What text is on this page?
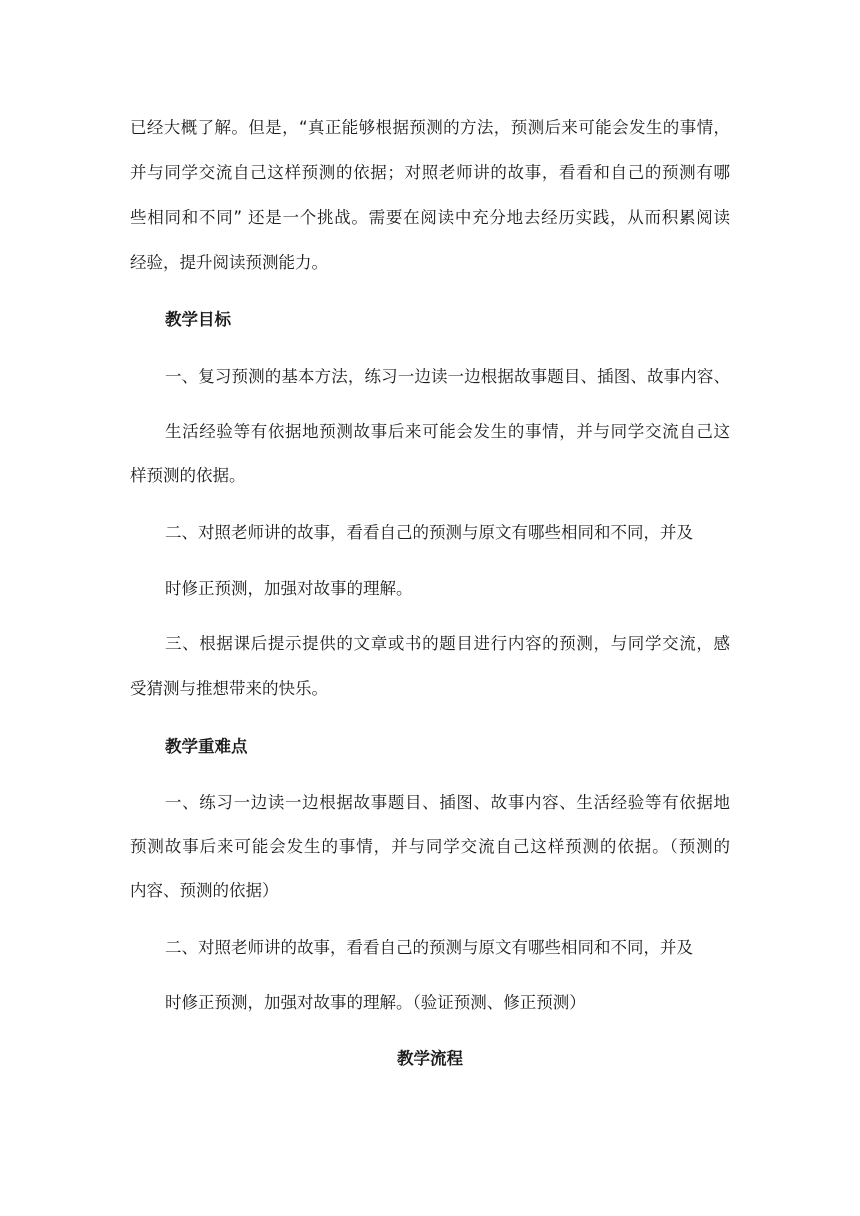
已经大概了解。但是，“真正能够根据预测的方法，预测后来可能会发生的事情，
并与同学交流自己这样预测的依据；对照老师讲的故事，看看和自己的预测有哪
些相同和不同” 还是一个挑战。需要在阅读中充分地去经历实践，从而积累阅读
经验，提升阅读预测能力。
教学目标
一、复习预测的基本方法，练习一边读一边根据故事题目、插图、故事内容、
生活经验等有依据地预测故事后来可能会发生的事情，并与同学交流自己这
样预测的依据。
二、对照老师讲的故事，看看自己的预测与原文有哪些相同和不同，并及
时修正预测，加强对故事的理解。
三、根据课后提示提供的文章或书的题目进行内容的预测，与同学交流，感
受猜测与推想带来的快乐。
教学重难点
一、练习一边读一边根据故事题目、插图、故事内容、生活经验等有依据地
预测故事后来可能会发生的事情，并与同学交流自己这样预测的依据。（预测的
内容、预测的依据）
二、对照老师讲的故事，看看自己的预测与原文有哪些相同和不同，并及
时修正预测，加强对故事的理解。（验证预测、修正预测）
教学流程
